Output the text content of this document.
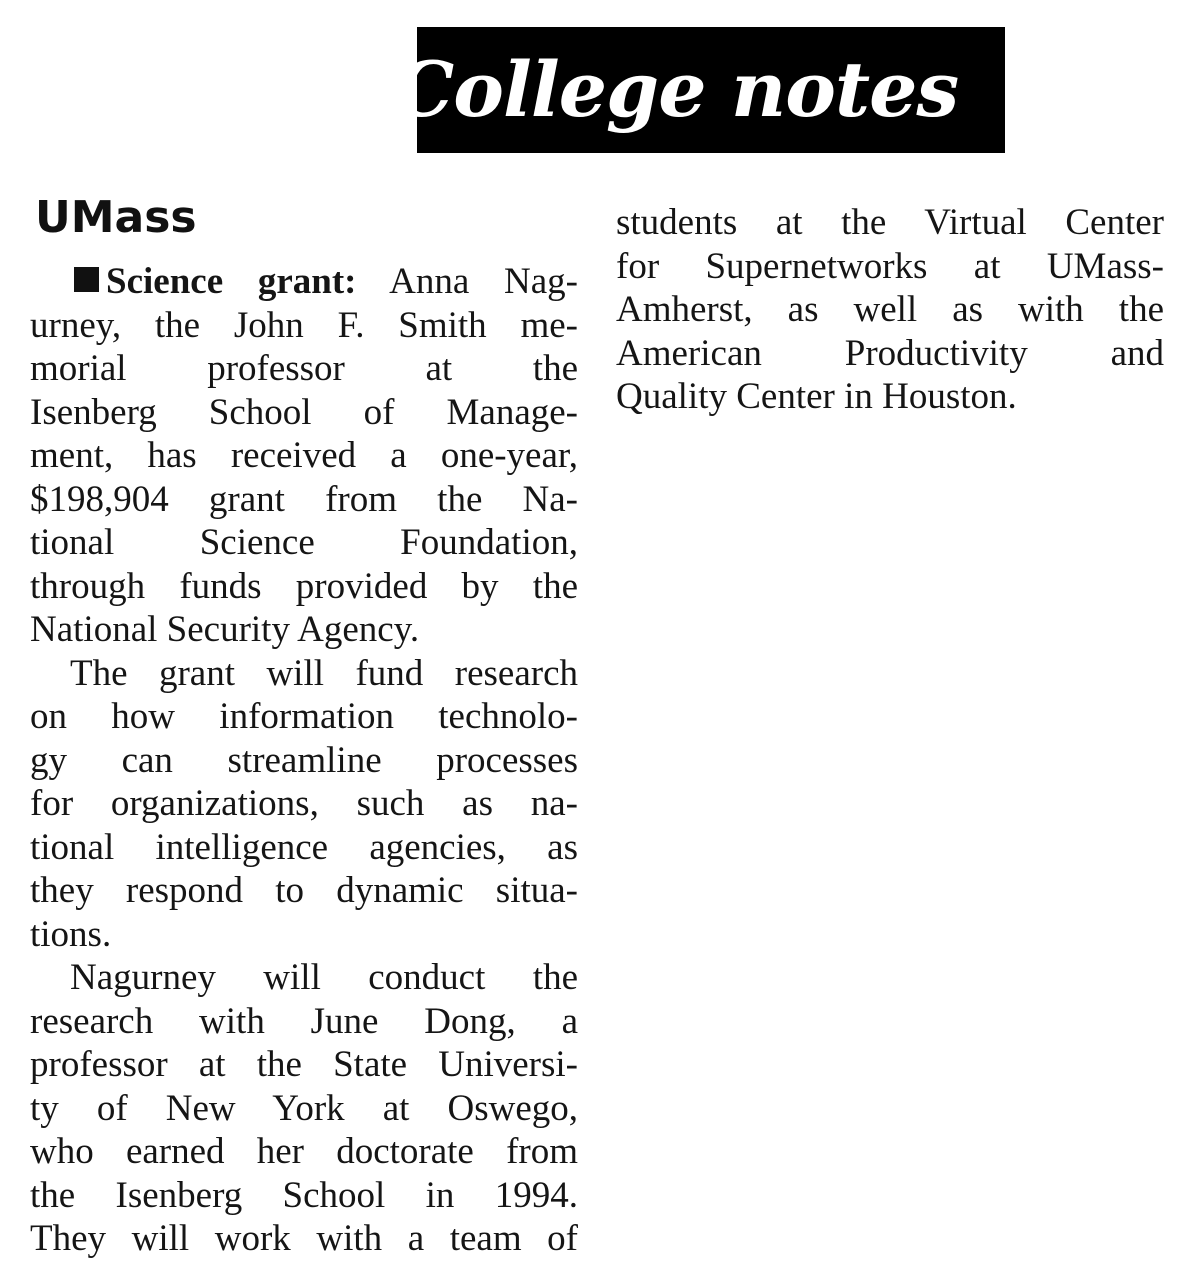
College notes
UMass
Science grant: Anna Nag-
urney, the John F. Smith me-
morial professor at the
Isenberg School of Manage-
ment, has received a one-year,
$198,904 grant from the Na-
tional Science Foundation,
through funds provided by the
National Security Agency.
The grant will fund research
on how information technolo-
gy can streamline processes
for organizations, such as na-
tional intelligence agencies, as
they respond to dynamic situa-
tions.
Nagurney will conduct the
research with June Dong, a
professor at the State Universi-
ty of New York at Oswego,
who earned her doctorate from
the Isenberg School in 1994.
They will work with a team of
students at the Virtual Center
for Supernetworks at UMass-
Amherst, as well as with the
American Productivity and
Quality Center in Houston.
